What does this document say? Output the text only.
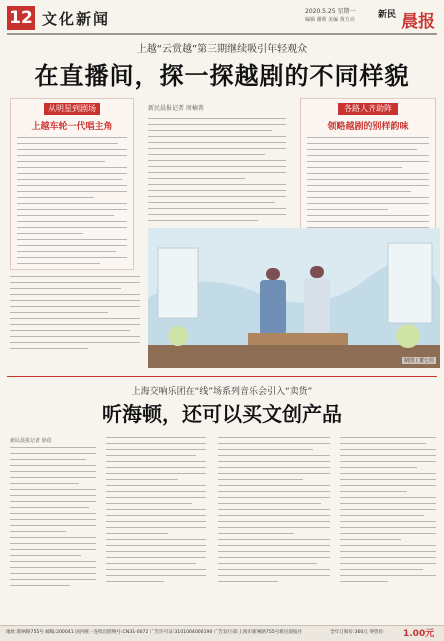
12 文化新闻	2020.5.25 星期一
编辑 谢莉 美编 黄方亮	$^{新民}$ 晨报
上越“云赏越”第三期继续吸引年轻观众
在直播间，探一探越剧的不同样貌
从明星到剧场
上越车轮一代唱主角
新民晨报记者 周楠菁	各路人齐助阵
领略越剧的别样韵味
制图 / 董七佳
上海交响乐团在“线”场系列音乐会引入“卖货”
听海顿，还可以买文创产品
新民晨报记者 徐蓓
地址:新闸路755号 邮编:200041 国内统一连续出版物号:CN31-0072 广告许可证:3101004000190 广告发行部:上海市新闸路755号新民晨报社	全年订阅价:360元 零售价: 1.00元
